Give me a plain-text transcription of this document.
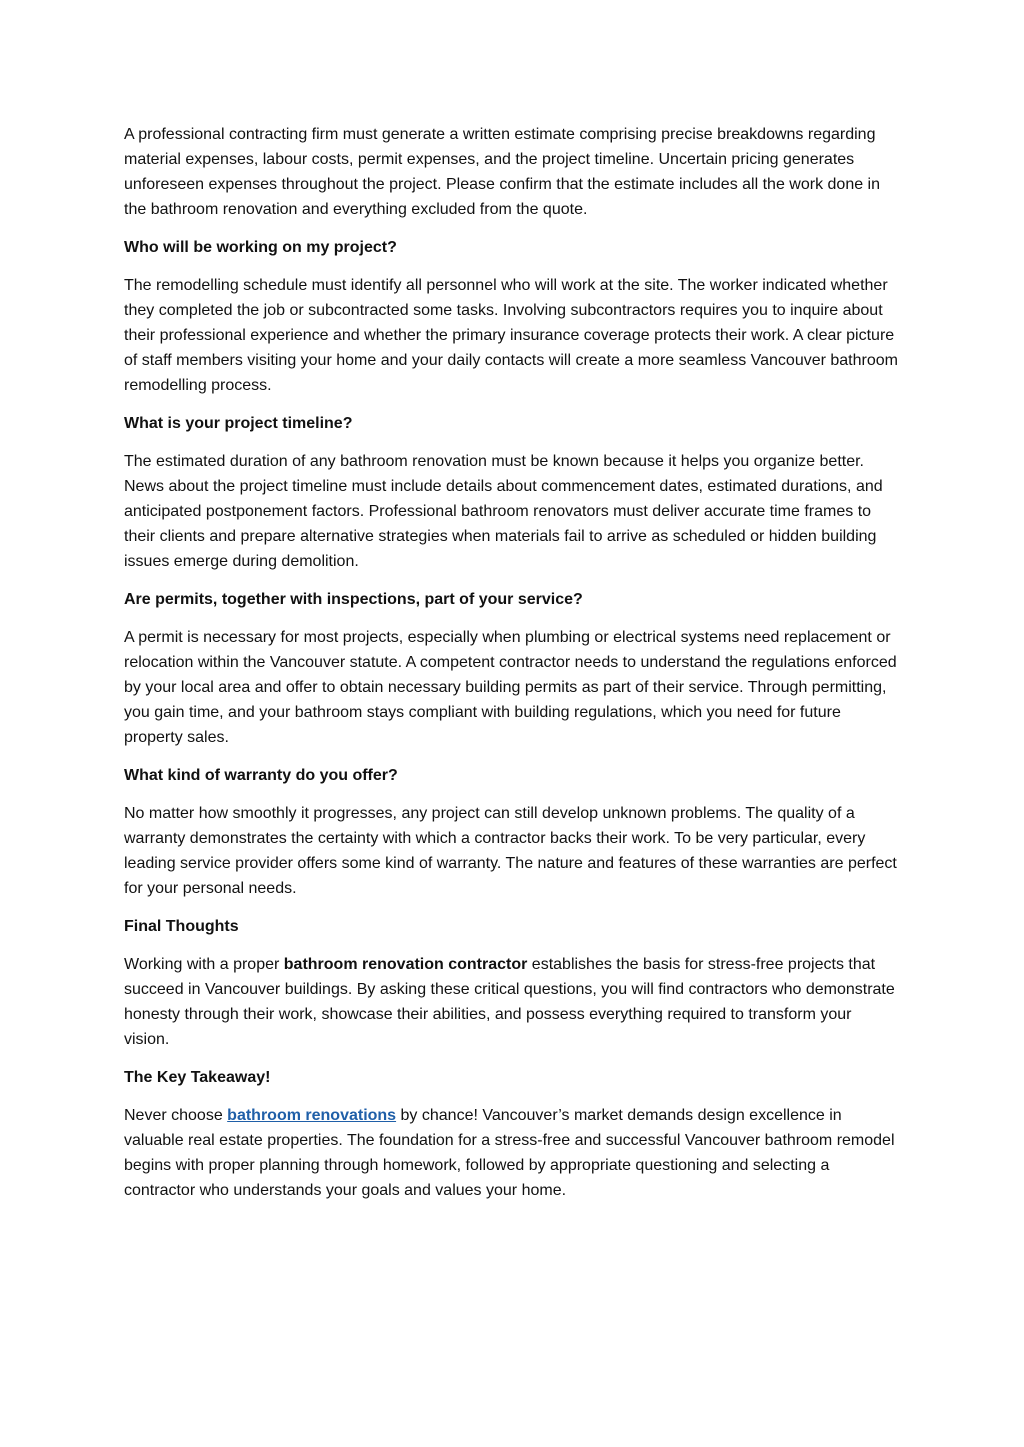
A professional contracting firm must generate a written estimate comprising precise breakdowns regarding material expenses, labour costs, permit expenses, and the project timeline. Uncertain pricing generates unforeseen expenses throughout the project. Please confirm that the estimate includes all the work done in the bathroom renovation and everything excluded from the quote.

Who will be working on my project?

The remodelling schedule must identify all personnel who will work at the site. The worker indicated whether they completed the job or subcontracted some tasks. Involving subcontractors requires you to inquire about their professional experience and whether the primary insurance coverage protects their work. A clear picture of staff members visiting your home and your daily contacts will create a more seamless Vancouver bathroom remodelling process.

What is your project timeline?

The estimated duration of any bathroom renovation must be known because it helps you organize better. News about the project timeline must include details about commencement dates, estimated durations, and anticipated postponement factors. Professional bathroom renovators must deliver accurate time frames to their clients and prepare alternative strategies when materials fail to arrive as scheduled or hidden building issues emerge during demolition.

Are permits, together with inspections, part of your service?

A permit is necessary for most projects, especially when plumbing or electrical systems need replacement or relocation within the Vancouver statute. A competent contractor needs to understand the regulations enforced by your local area and offer to obtain necessary building permits as part of their service. Through permitting, you gain time, and your bathroom stays compliant with building regulations, which you need for future property sales.

What kind of warranty do you offer?

No matter how smoothly it progresses, any project can still develop unknown problems. The quality of a warranty demonstrates the certainty with which a contractor backs their work. To be very particular, every leading service provider offers some kind of warranty. The nature and features of these warranties are perfect for your personal needs.

Final Thoughts

Working with a proper bathroom renovation contractor establishes the basis for stress-free projects that succeed in Vancouver buildings. By asking these critical questions, you will find contractors who demonstrate honesty through their work, showcase their abilities, and possess everything required to transform your vision.

The Key Takeaway!

Never choose bathroom renovations by chance! Vancouver’s market demands design excellence in valuable real estate properties. The foundation for a stress-free and successful Vancouver bathroom remodel begins with proper planning through homework, followed by appropriate questioning and selecting a contractor who understands your goals and values your home.
